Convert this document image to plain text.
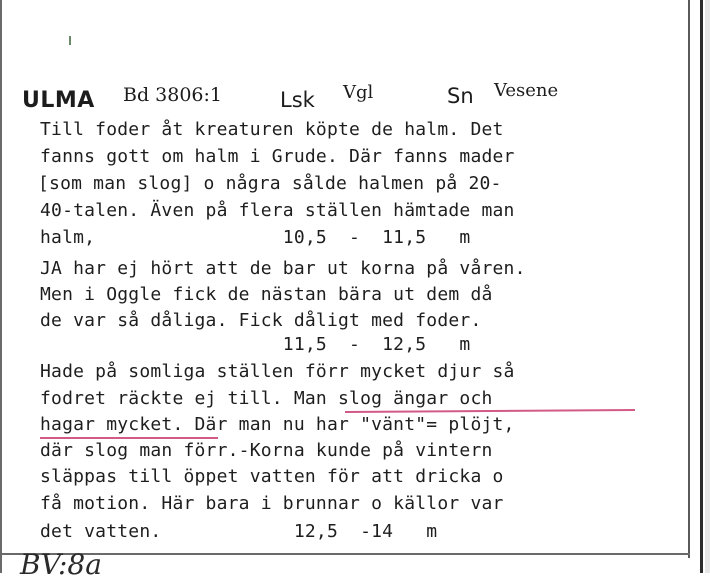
ULMA Bd 3806:1	Lsk Vgl	Sn Vesene
Till foder åt kreaturen köpte de halm. Det
fanns gott om halm i Grude. Där fanns mader
[som man slog] o några sålde halmen på 20-
40-talen. Även på flera ställen hämtade man
halm,                 10,5  -  11,5   m
JA har ej hört att de bar ut korna på våren.
Men i Oggle fick de nästan bära ut dem då
de var så dåliga. Fick dåligt med foder.
11,5  -  12,5   m
Hade på somliga ställen förr mycket djur så
fodret räckte ej till. Man slog ängar och
hagar mycket. Där man nu har "vänt"= plöjt,
där slog man förr.-Korna kunde på vintern
släppas till öppet vatten för att dricka o
få motion. Här bara i brunnar o källor var
det vatten.            12,5  -14   m
BV:8a
